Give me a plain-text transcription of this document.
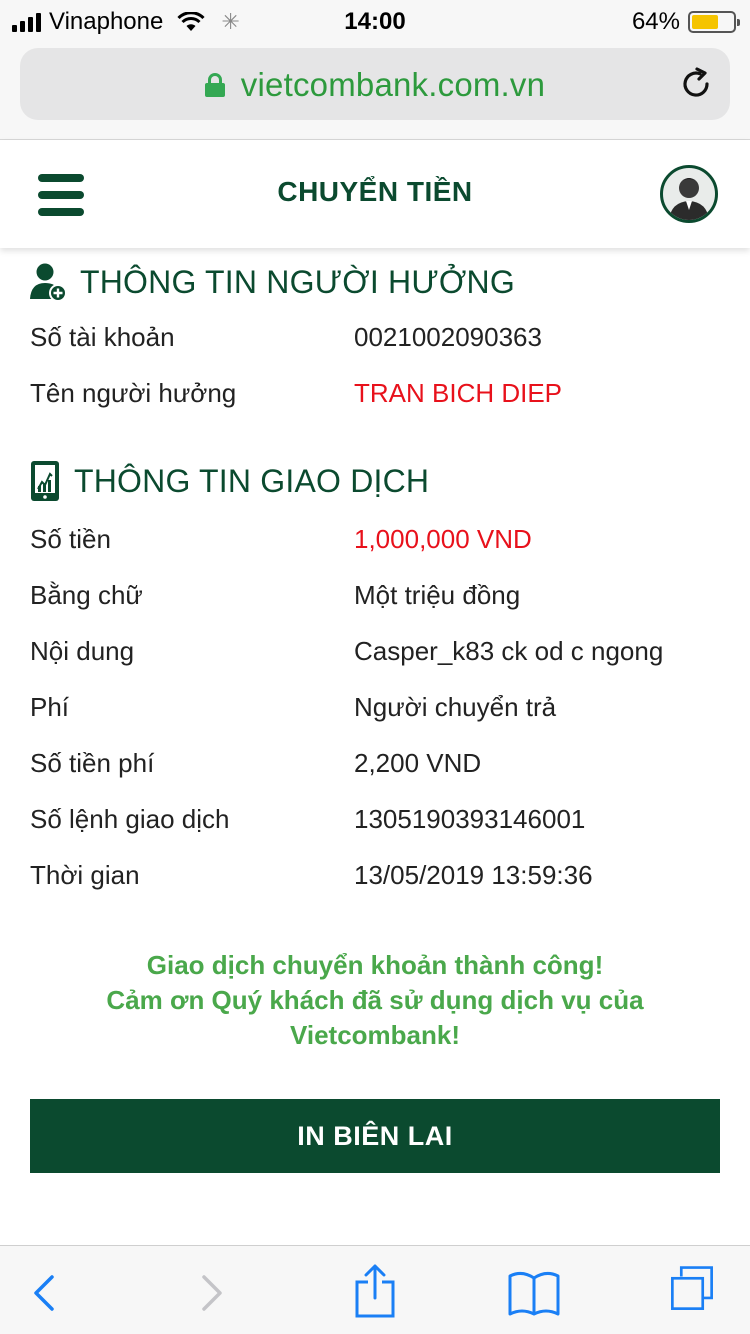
Vinaphone	✳	14:00	64%
vietcombank.com.vn
CHUYỂN TIỀN
THÔNG TIN NGƯỜI HƯỞNG
Số tài khoản	0021002090363
Tên người hưởng	TRAN BICH DIEP
THÔNG TIN GIAO DỊCH
Số tiền	1,000,000 VND
Bằng chữ	Một triệu đồng
Nội dung	Casper_k83 ck od c ngong
Phí	Người chuyển trả
Số tiền phí	2,200 VND
Số lệnh giao dịch	1305190393146001
Thời gian	13/05/2019 13:59:36
Giao dịch chuyển khoản thành công!
Cảm ơn Quý khách đã sử dụng dịch vụ của
Vietcombank!
IN BIÊN LAI
